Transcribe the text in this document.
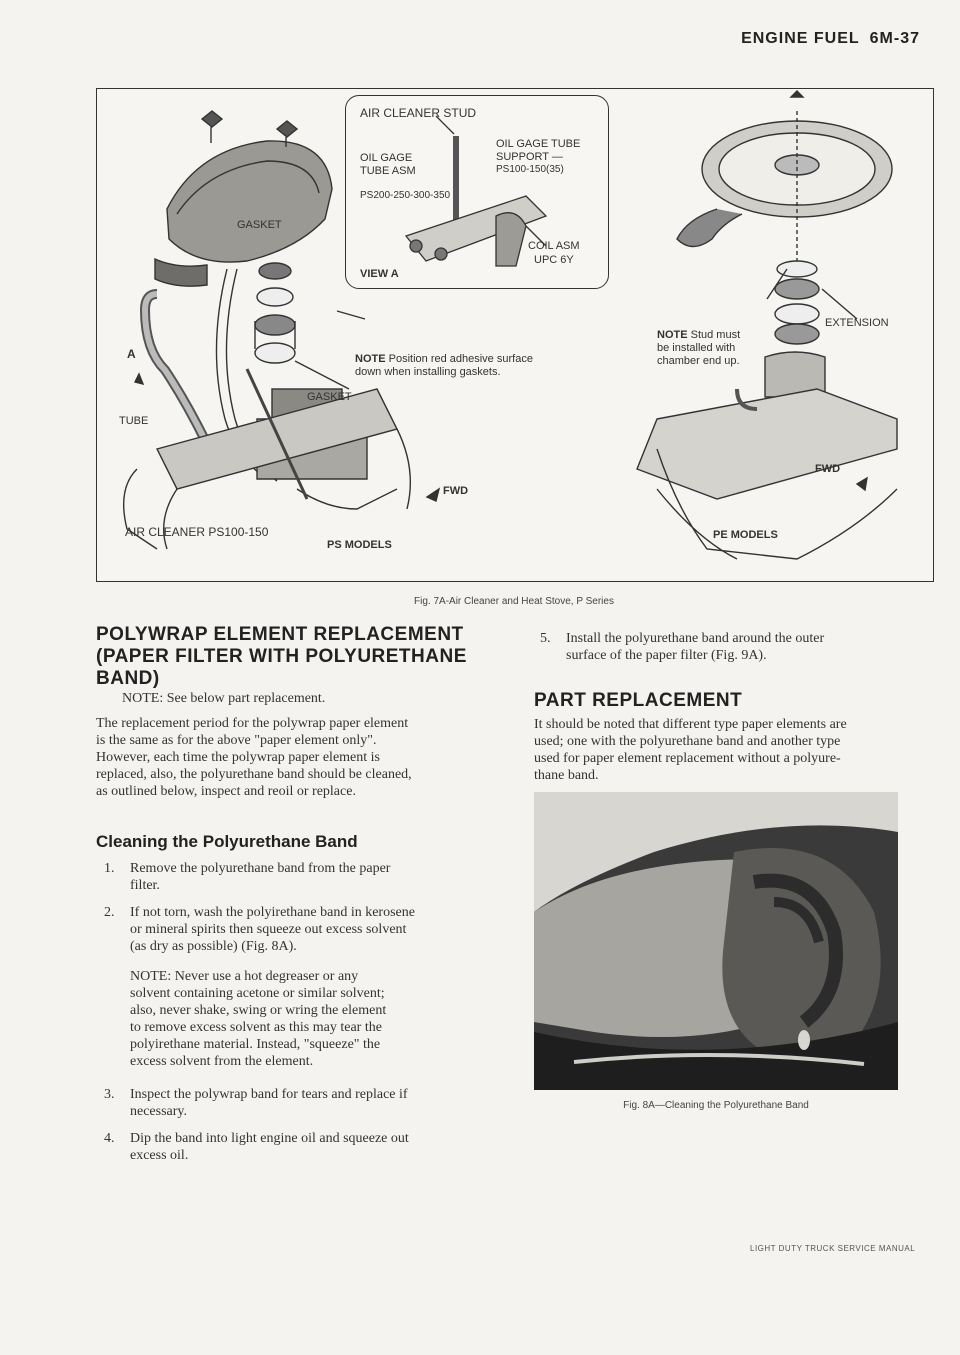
ENGINE FUEL 6M-37
AIR CLEANER STUD
OIL GAGE TUBE
SUPPORT —
PS100-150(35)
OIL GAGE
TUBE ASM
PS200-250-300-350
COIL ASM
UPC 6Y
VIEW A
GASKET
GASKET
A
TUBE
NOTE Position red adhesive surface
down when installing gaskets.
FWD
AIR CLEANER PS100-150
PS MODELS
NOTE Stud must
be installed with
chamber end up.
EXTENSION
FWD
PE MODELS
Fig. 7A-Air Cleaner and Heat Stove, P Series
POLYWRAP ELEMENT REPLACEMENT
(PAPER FILTER WITH POLYURETHANE
BAND)

NOTE: See below part replacement.

The replacement period for the polywrap paper element

is the same as for the above "paper element only".

However, each time the polywrap paper element is

replaced, also, the polyurethane band should be cleaned,

as outlined below, inspect and reoil or replace.

Cleaning the Polyurethane Band
1. Remove the polyurethane band from the paper

filter.

2. If not torn, wash the polyirethane band in kerosene

or mineral spirits then squeeze out excess solvent

(as dry as possible) (Fig. 8A).

NOTE: Never use a hot degreaser or any

solvent containing acetone or similar solvent;

also, never shake, swing or wring the element

to remove excess solvent as this may tear the

polyirethane material. Instead, "squeeze" the

excess solvent from the element.

3. Inspect the polywrap band for tears and replace if

necessary.

4. Dip the band into light engine oil and squeeze out

excess oil.

5. Install the polyurethane band around the outer

surface of the paper filter (Fig. 9A).

PART REPLACEMENT

It should be noted that different type paper elements are

used; one with the polyurethane band and another type

used for paper element replacement without a polyure-

thane band.

Fig. 8A—Cleaning the Polyurethane Band
LIGHT DUTY TRUCK SERVICE MANUAL
